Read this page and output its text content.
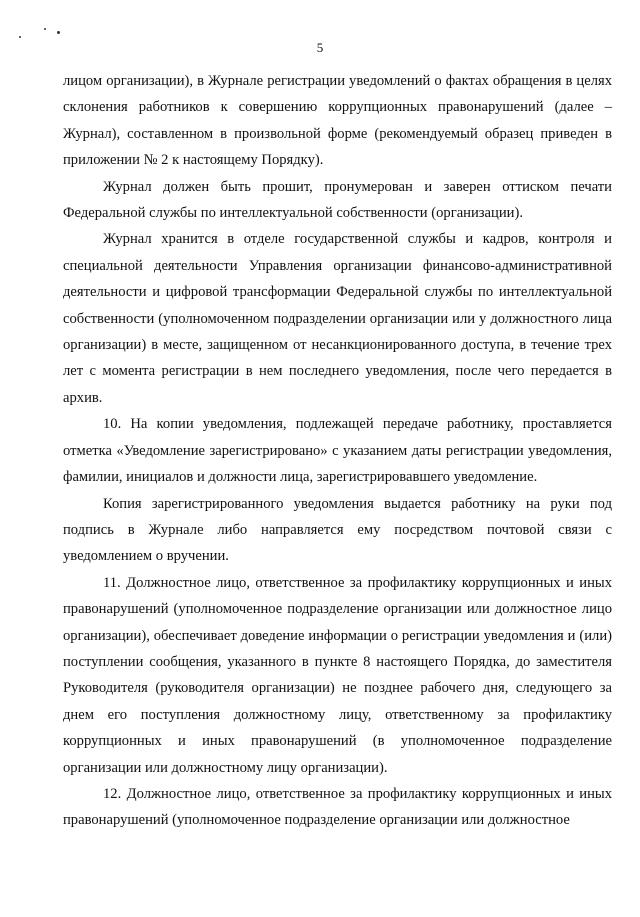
5

лицом организации), в Журнале регистрации уведомлений о фактах обращения в целях склонения работников к совершению коррупционных правонарушений (далее – Журнал), составленном в произвольной форме (рекомендуемый образец приведен в приложении № 2 к настоящему Порядку).

Журнал должен быть прошит, пронумерован и заверен оттиском печати Федеральной службы по интеллектуальной собственности (организации).

Журнал хранится в отделе государственной службы и кадров, контроля и специальной деятельности Управления организации финансово-административной деятельности и цифровой трансформации Федеральной службы по интеллектуальной собственности (уполномоченном подразделении организации или у должностного лица организации) в месте, защищенном от несанкционированного доступа, в течение трех лет с момента регистрации в нем последнего уведомления, после чего передается в архив.

10. На копии уведомления, подлежащей передаче работнику, проставляется отметка «Уведомление зарегистрировано» с указанием даты регистрации уведомления, фамилии, инициалов и должности лица, зарегистрировавшего уведомление.

Копия зарегистрированного уведомления выдается работнику на руки под подпись в Журнале либо направляется ему посредством почтовой связи с уведомлением о вручении.

11. Должностное лицо, ответственное за профилактику коррупционных и иных правонарушений (уполномоченное подразделение организации или должностное лицо организации), обеспечивает доведение информации о регистрации уведомления и (или) поступлении сообщения, указанного в пункте 8 настоящего Порядка, до заместителя Руководителя (руководителя организации) не позднее рабочего дня, следующего за днем его поступления должностному лицу, ответственному за профилактику коррупционных и иных правонарушений (в уполномоченное подразделение организации или должностному лицу организации).

12. Должностное лицо, ответственное за профилактику коррупционных и иных правонарушений (уполномоченное подразделение организации или должностное
